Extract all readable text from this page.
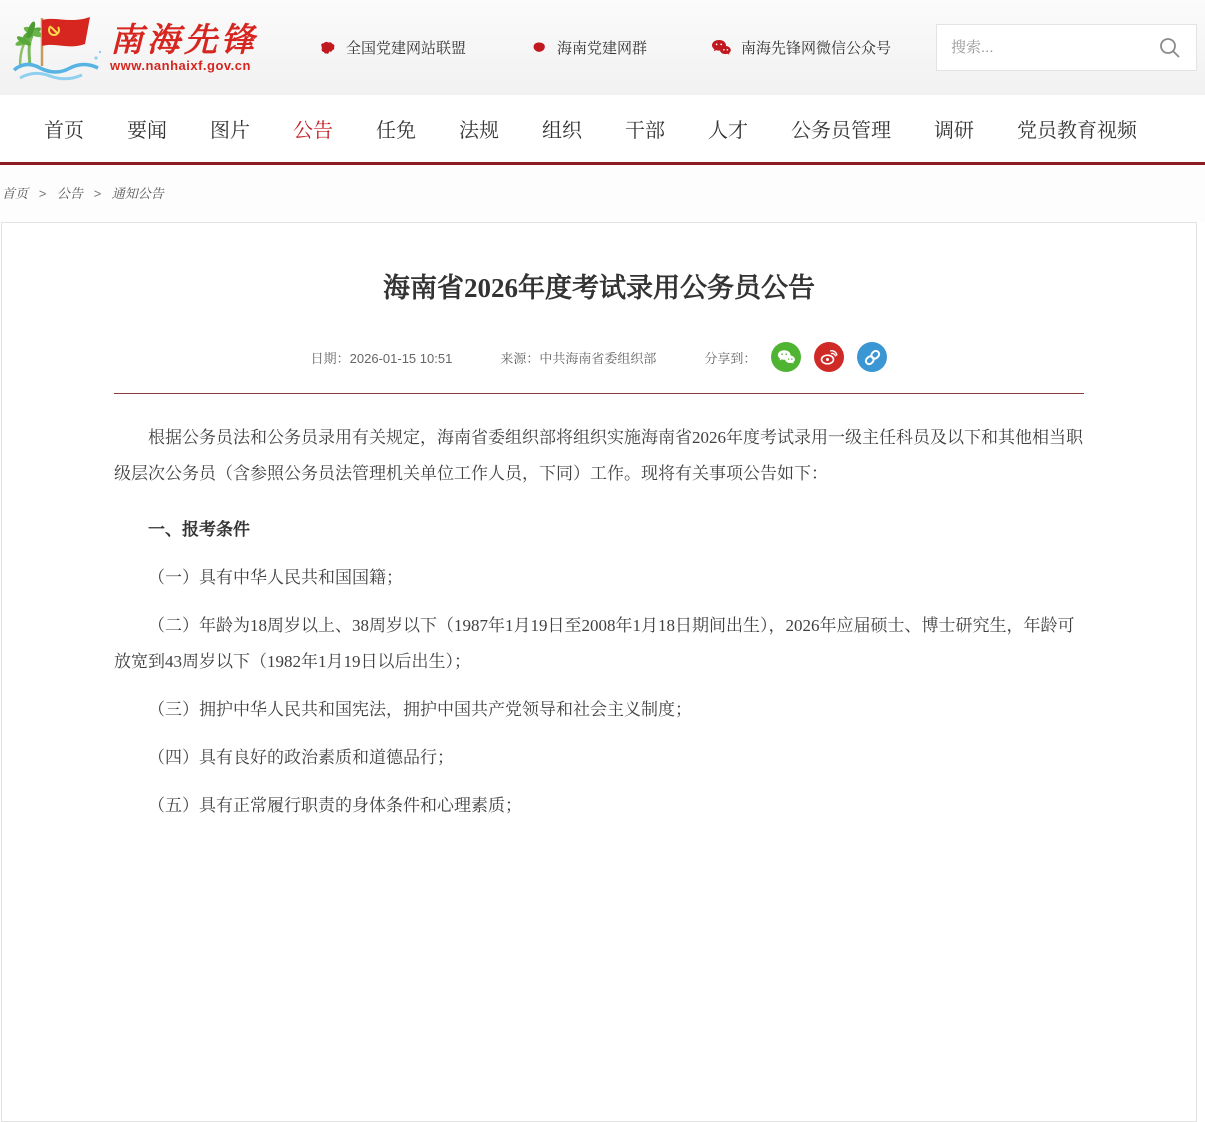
南海先锋
www.nanhaixf.gov.cn
全国党建网站联盟	海南党建网群	南海先锋网微信公众号
搜索...
首页 要闻 图片 公告 任免 法规 组织 干部 人才 公务员管理 调研 党员教育视频
首页 > 公告 > 通知公告
海南省2026年度考试录用公务员公告
日期：2026-01-15 10:51	来源：中共海南省委组织部	分享到：

根据公务员法和公务员录用有关规定，海南省委组织部将组织实施海南省2026年度考试录用一级主任科员及以下和其他相当职级层次公务员（含参照公务员法管理机关单位工作人员，下同）工作。现将有关事项公告如下：

一、报考条件

（一）具有中华人民共和国国籍；

（二）年龄为18周岁以上、38周岁以下（1987年1月19日至2008年1月18日期间出生），2026年应届硕士、博士研究生，年龄可放宽到43周岁以下（1982年1月19日以后出生）；

（三）拥护中华人民共和国宪法，拥护中国共产党领导和社会主义制度；

（四）具有良好的政治素质和道德品行；

（五）具有正常履行职责的身体条件和心理素质；
